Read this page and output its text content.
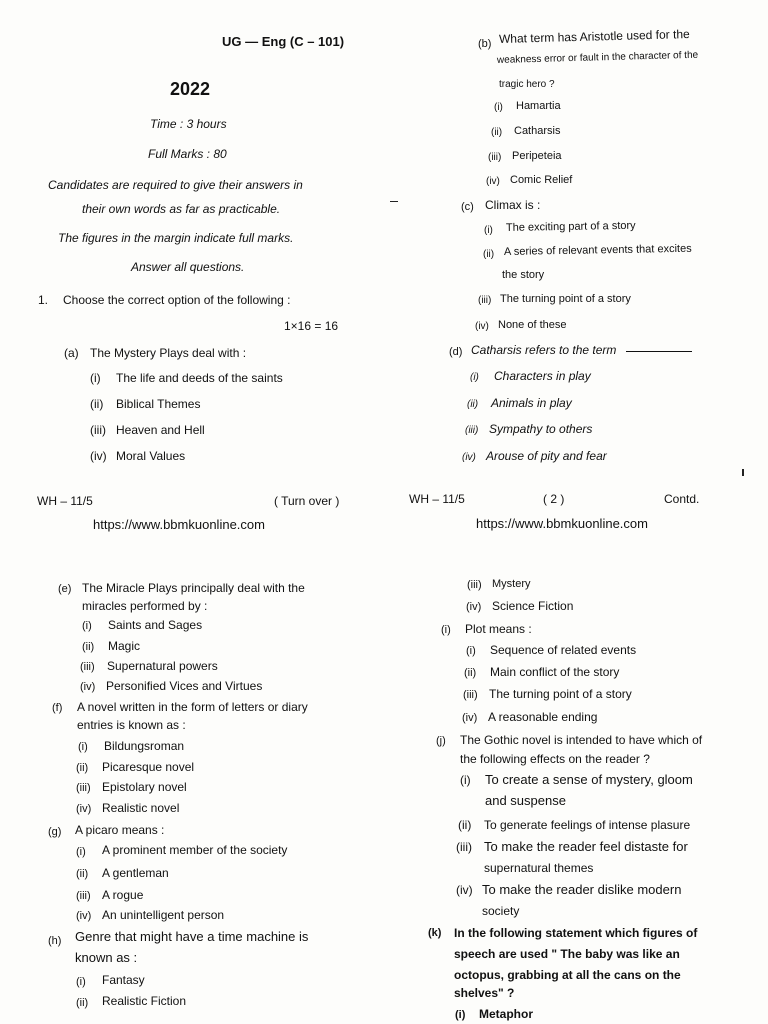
UG — Eng (C – 101)
2022
Time : 3 hours
Full Marks : 80
Candidates are required to give their answers in
their own words as far as practicable.
The figures in the margin indicate full marks.
Answer all questions.
1. Choose the correct option of the following :
1×16 = 16
(a) The Mystery Plays deal with :
(i) The life and deeds of the saints
(ii) Biblical Themes
(iii) Heaven and Hell
(iv) Moral Values
WH – 11/5	( Turn over )
https://www.bbmkuonline.com
(b) What term has Aristotle used for the
weakness error or fault in the character of the
tragic hero ?
(i) Hamartia
(ii) Catharsis
(iii) Peripeteia
(iv) Comic Relief
(c) Climax is :
(i) The exciting part of a story
(ii) A series of relevant events that excites
the story
(iii) The turning point of a story
(iv) None of these
(d) Catharsis refers to the term
(i) Characters in play
(ii) Animals in play
(iii) Sympathy to others
(iv) Arouse of pity and fear
WH – 11/5	( 2 )	Contd.
https://www.bbmkuonline.com
(e) The Miracle Plays principally deal with the
miracles performed by :
(i) Saints and Sages
(ii) Magic
(iii) Supernatural powers
(iv) Personified Vices and Virtues
(f) A novel written in the form of letters or diary
entries is known as :
(i) Bildungsroman
(ii) Picaresque novel
(iii) Epistolary novel
(iv) Realistic novel
(g) A picaro means :
(i) A prominent member of the society
(ii) A gentleman
(iii) A rogue
(iv) An unintelligent person
(h) Genre that might have a time machine is
known as :
(i) Fantasy
(ii) Realistic Fiction
(iii) Mystery
(iv) Science Fiction
(i) Plot means :
(i) Sequence of related events
(ii) Main conflict of the story
(iii) The turning point of a story
(iv) A reasonable ending
(j) The Gothic novel is intended to have which of
the following effects on the reader ?
(i) To create a sense of mystery, gloom
and suspense
(ii) To generate feelings of intense plasure
(iii) To make the reader feel distaste for
supernatural themes
(iv) To make the reader dislike modern
society
(k) In the following statement which figures of
speech are used " The baby was like an
octopus, grabbing at all the cans on the
shelves" ?
(i) Metaphor
